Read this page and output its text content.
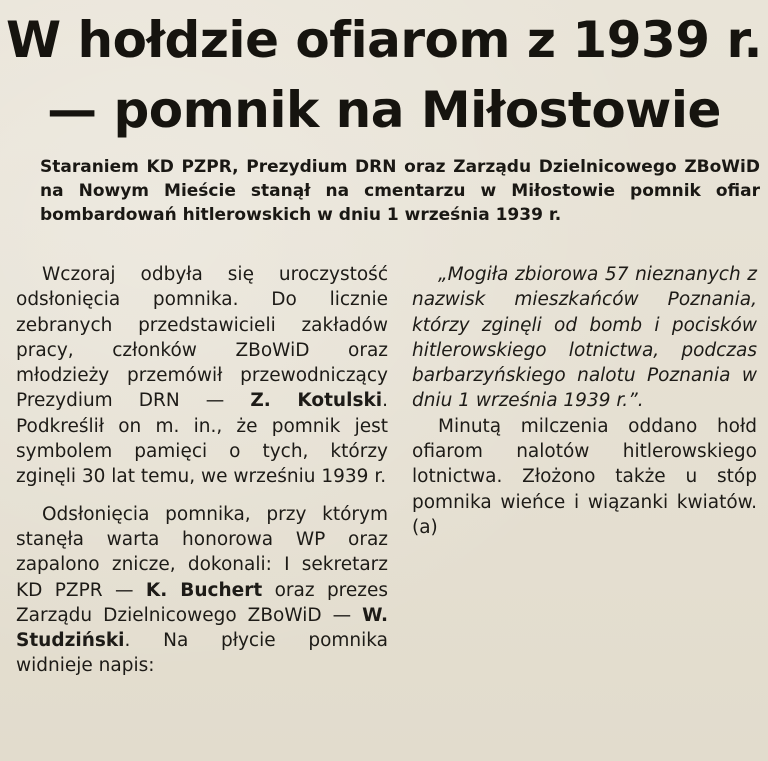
W hołdzie ofiarom z 1939 r.
— pomnik na Miłostowie

Staraniem KD PZPR, Prezydium DRN oraz Zarządu Dzielnicowego ZBoWiD na Nowym Mieście stanął na cmentarzu w Miłostowie pomnik ofiar bombardowań hitlerowskich w dniu 1 września 1939 r.

Wczoraj odbyła się uroczystość odsłonięcia pomnika. Do licznie zebranych przedstawicieli zakładów pracy, członków ZBoWiD oraz młodzieży przemówił przewodniczący Prezydium DRN — Z. Kotulski. Podkreślił on m. in., że pomnik jest symbolem pamięci o tych, którzy zginęli 30 lat temu, we wrześniu 1939 r.

Odsłonięcia pomnika, przy którym stanęła warta honorowa WP oraz zapalono znicze, dokonali: I sekretarz KD PZPR — K. Buchert oraz prezes Zarządu Dzielnicowego ZBoWiD — W. Studziński. Na płycie pomnika widnieje napis:

„Mogiła zbiorowa 57 nieznanych z nazwisk mieszkańców Poznania, którzy zginęli od bomb i pocisków hitlerowskiego lotnictwa, podczas barbarzyńskiego nalotu Poznania w dniu 1 września 1939 r.”.

Minutą milczenia oddano hołd ofiarom nalotów hitlerowskiego lotnictwa. Złożono także u stóp pomnika wieńce i wiązanki kwiatów. (a)
